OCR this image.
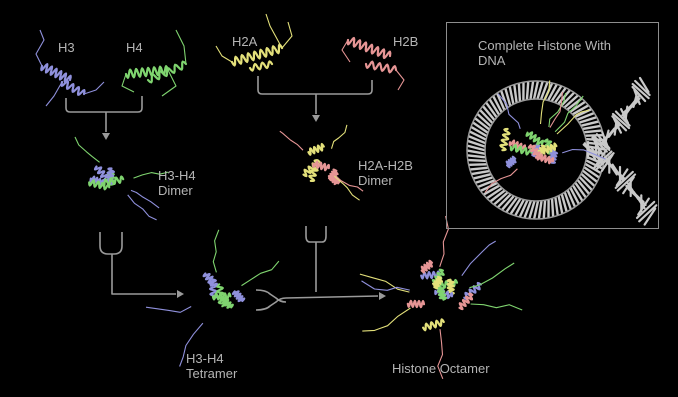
H3	H4	H2A	H2B
H3-H4
Dimer
H2A-H2B
Dimer
H3-H4
Tetramer	Histone Octamer
Complete Histone With
DNA
